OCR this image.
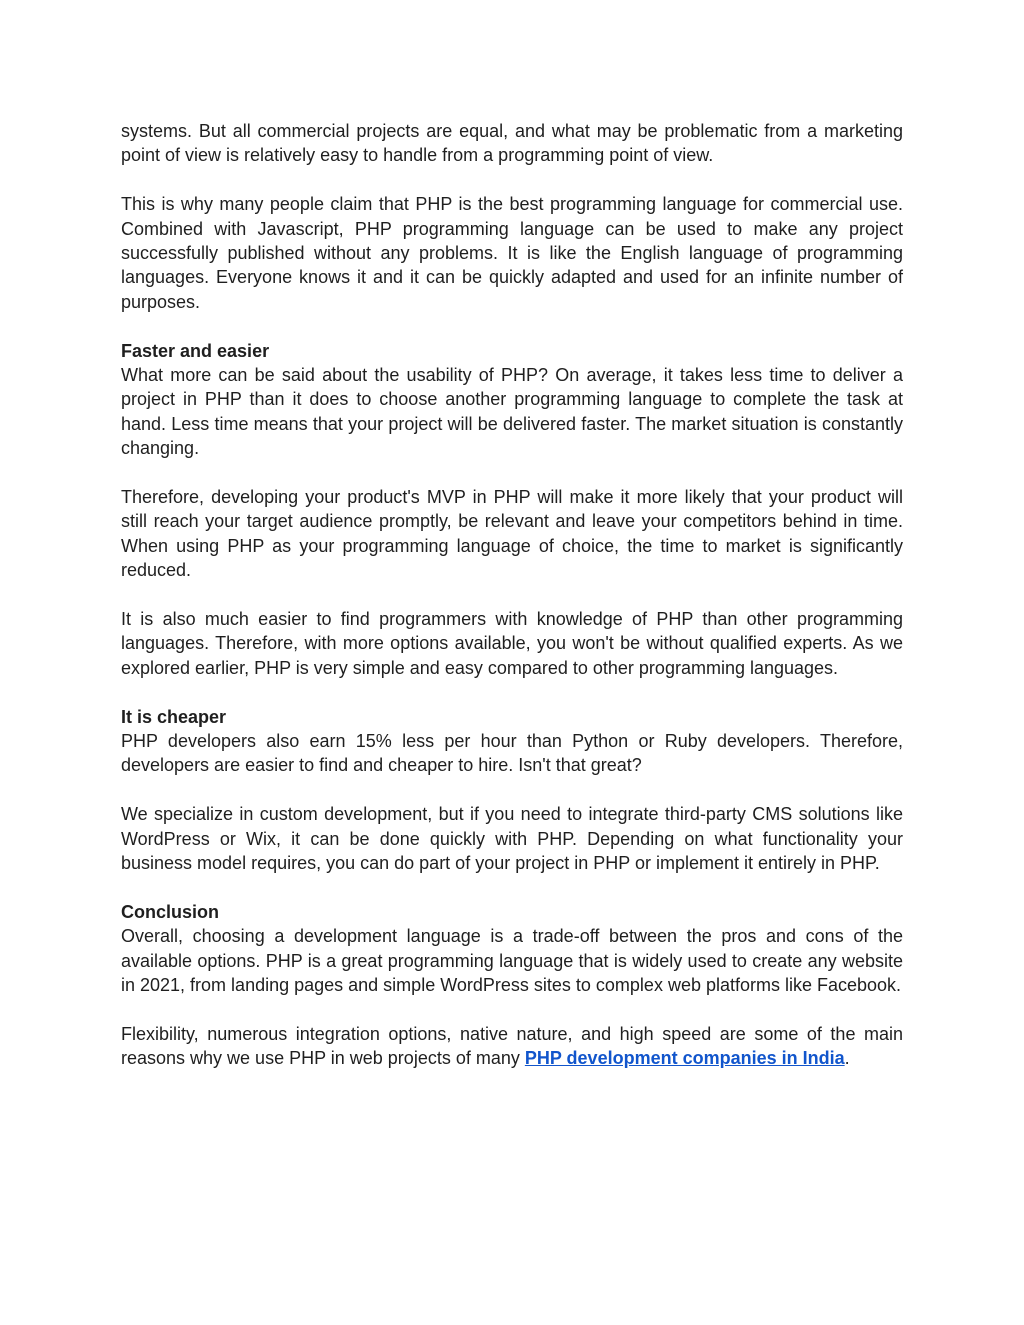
systems. But all commercial projects are equal, and what may be problematic from a marketing point of view is relatively easy to handle from a programming point of view.

This is why many people claim that PHP is the best programming language for commercial use. Combined with Javascript, PHP programming language can be used to make any project successfully published without any problems. It is like the English language of programming languages. Everyone knows it and it can be quickly adapted and used for an infinite number of purposes.

Faster and easier

What more can be said about the usability of PHP? On average, it takes less time to deliver a project in PHP than it does to choose another programming language to complete the task at hand. Less time means that your project will be delivered faster. The market situation is constantly changing.

Therefore, developing your product's MVP in PHP will make it more likely that your product will still reach your target audience promptly, be relevant and leave your competitors behind in time. When using PHP as your programming language of choice, the time to market is significantly reduced.

It is also much easier to find programmers with knowledge of PHP than other programming languages. Therefore, with more options available, you won't be without qualified experts. As we explored earlier, PHP is very simple and easy compared to other programming languages.

It is cheaper

PHP developers also earn 15% less per hour than Python or Ruby developers. Therefore, developers are easier to find and cheaper to hire. Isn't that great?

We specialize in custom development, but if you need to integrate third-party CMS solutions like WordPress or Wix, it can be done quickly with PHP. Depending on what functionality your business model requires, you can do part of your project in PHP or implement it entirely in PHP.

Conclusion

Overall, choosing a development language is a trade-off between the pros and cons of the available options. PHP is a great programming language that is widely used to create any website in 2021, from landing pages and simple WordPress sites to complex web platforms like Facebook.

Flexibility, numerous integration options, native nature, and high speed are some of the main reasons why we use PHP in web projects of many PHP development companies in India.
